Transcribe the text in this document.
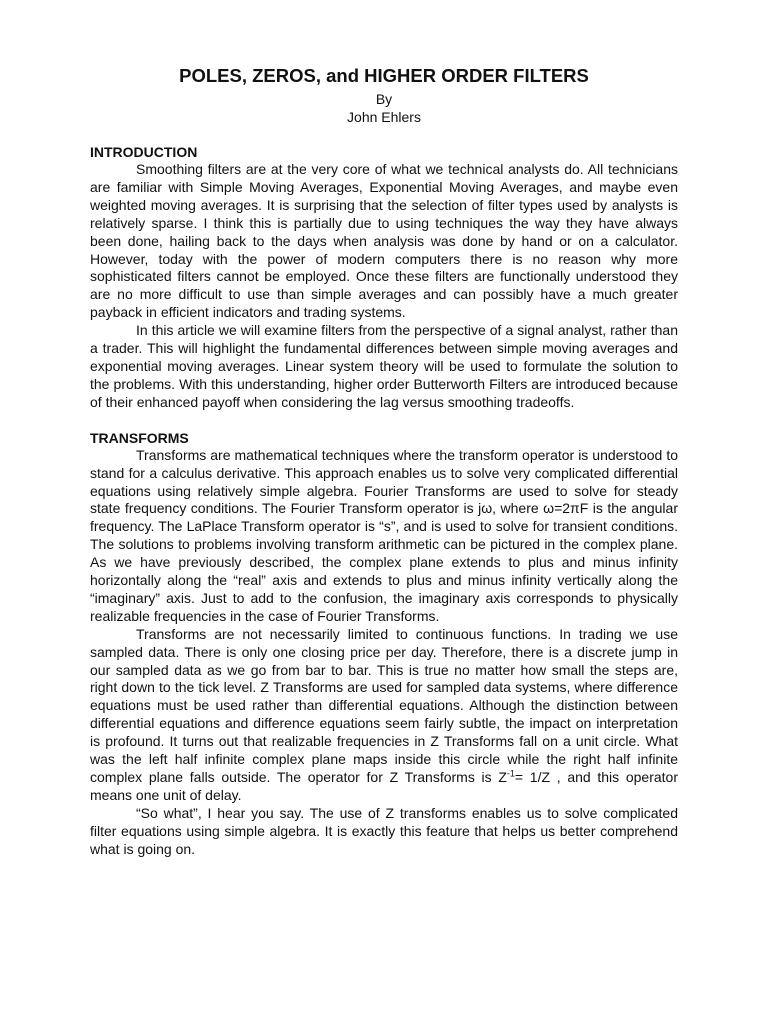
POLES, ZEROS, and HIGHER ORDER FILTERS

By

John Ehlers

INTRODUCTION

Smoothing filters are at the very core of what we technical analysts do. All technicians are familiar with Simple Moving Averages, Exponential Moving Averages, and maybe even weighted moving averages. It is surprising that the selection of filter types used by analysts is relatively sparse. I think this is partially due to using techniques the way they have always been done, hailing back to the days when analysis was done by hand or on a calculator. However, today with the power of modern computers there is no reason why more sophisticated filters cannot be employed. Once these filters are functionally understood they are no more difficult to use than simple averages and can possibly have a much greater payback in efficient indicators and trading systems.

In this article we will examine filters from the perspective of a signal analyst, rather than a trader. This will highlight the fundamental differences between simple moving averages and exponential moving averages. Linear system theory will be used to formulate the solution to the problems. With this understanding, higher order Butterworth Filters are introduced because of their enhanced payoff when considering the lag versus smoothing tradeoffs.

TRANSFORMS

Transforms are mathematical techniques where the transform operator is understood to stand for a calculus derivative. This approach enables us to solve very complicated differential equations using relatively simple algebra. Fourier Transforms are used to solve for steady state frequency conditions. The Fourier Transform operator is jω, where ω=2πF is the angular frequency. The LaPlace Transform operator is “s”, and is used to solve for transient conditions. The solutions to problems involving transform arithmetic can be pictured in the complex plane. As we have previously described, the complex plane extends to plus and minus infinity horizontally along the “real” axis and extends to plus and minus infinity vertically along the “imaginary” axis. Just to add to the confusion, the imaginary axis corresponds to physically realizable frequencies in the case of Fourier Transforms.

Transforms are not necessarily limited to continuous functions. In trading we use sampled data. There is only one closing price per day. Therefore, there is a discrete jump in our sampled data as we go from bar to bar. This is true no matter how small the steps are, right down to the tick level. Z Transforms are used for sampled data systems, where difference equations must be used rather than differential equations. Although the distinction between differential equations and difference equations seem fairly subtle, the impact on interpretation is profound. It turns out that realizable frequencies in Z Transforms fall on a unit circle. What was the left half infinite complex plane maps inside this circle while the right half infinite complex plane falls outside. The operator for Z Transforms is $Z^{-1}= 1/Z$ , and this operator means one unit of delay.

“So what”, I hear you say. The use of Z transforms enables us to solve complicated filter equations using simple algebra. It is exactly this feature that helps us better comprehend what is going on.
